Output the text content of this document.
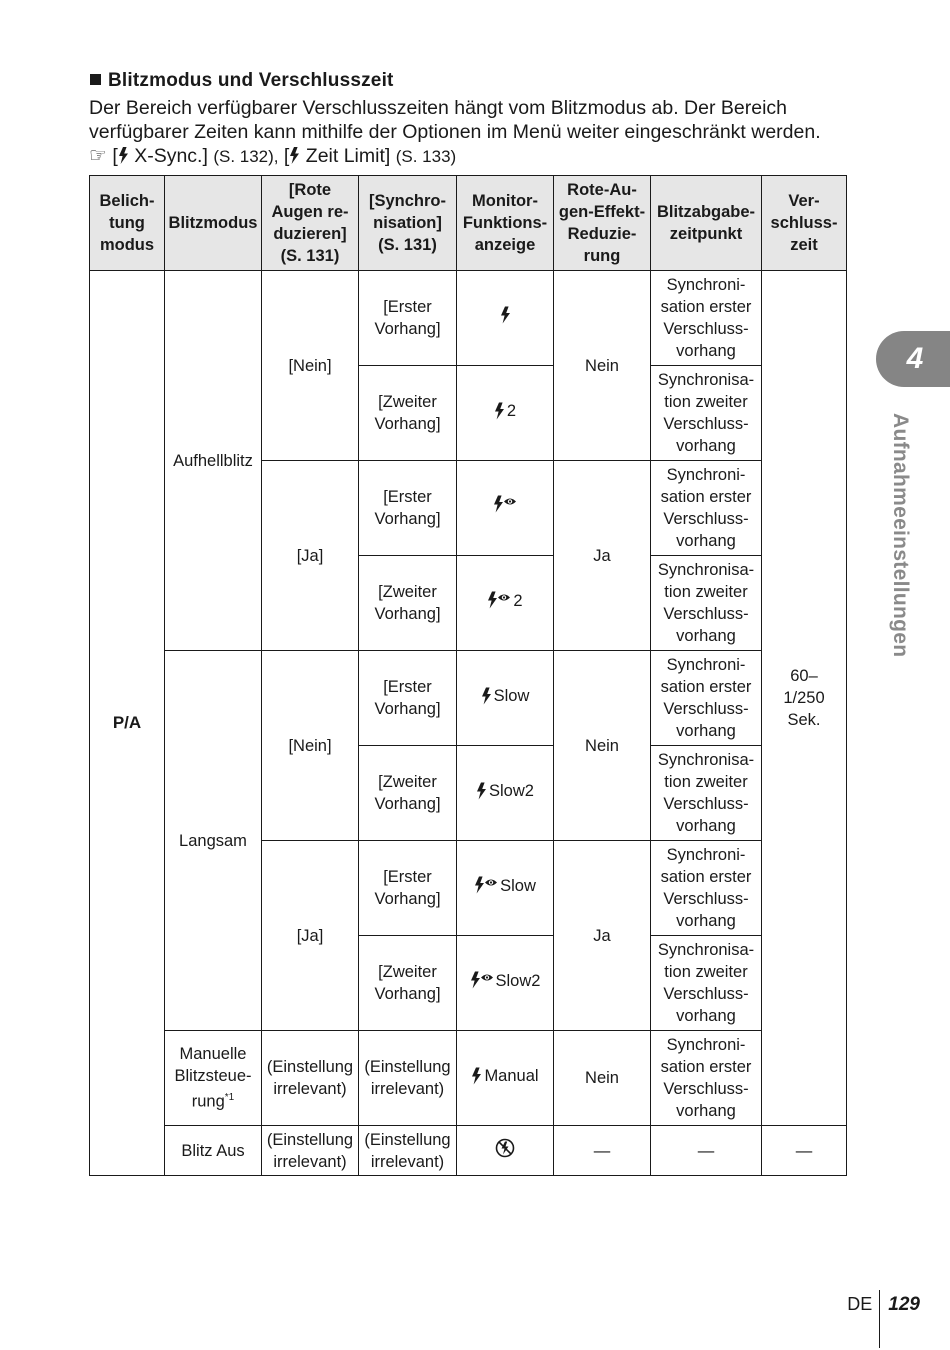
Blitzmodus und Verschlusszeit
Der Bereich verfügbarer Verschlusszeiten hängt vom Blitzmodus ab. Der Bereich verfügbarer Zeiten kann mithilfe der Optionen im Menü weiter eingeschränkt werden.
☞ [ X-Sync.] (S. 132), [ Zeit Limit] (S. 133)
Belich-
tung
modus	Blitzmodus	[Rote
Augen re-
duzieren]
(S. 131)	[Synchro-
nisation]
(S. 131)	Monitor-
Funktions-
anzeige	Rote-Au-
gen-Effekt-
Reduzie-
rung	Blitzabgabe-
zeitpunkt	Ver-
schluss-
zeit
P/A	Aufhellblitz	[Nein]	[Erster
Vorhang]		Nein	Synchroni-
sation erster
Verschluss-
vorhang	60–
1/250
Sek.
			[Zweiter
Vorhang]	2		Synchronisa-
tion zweiter
Verschluss-
vorhang	
		[Ja]	[Erster
Vorhang]		Ja	Synchroni-
sation erster
Verschluss-
vorhang	
			[Zweiter
Vorhang]	2		Synchronisa-
tion zweiter
Verschluss-
vorhang	
	Langsam	[Nein]	[Erster
Vorhang]	Slow	Nein	Synchroni-
sation erster
Verschluss-
vorhang	
			[Zweiter
Vorhang]	Slow2		Synchronisa-
tion zweiter
Verschluss-
vorhang	
		[Ja]	[Erster
Vorhang]	Slow	Ja	Synchroni-
sation erster
Verschluss-
vorhang	
			[Zweiter
Vorhang]	Slow2		Synchronisa-
tion zweiter
Verschluss-
vorhang	
	Manuelle
Blitzsteue-
rung$^{*1}$	(Einstellung
irrelevant)	(Einstellung
irrelevant)	Manual	Nein	Synchroni-
sation erster
Verschluss-
vorhang	
	Blitz Aus	(Einstellung
irrelevant)	(Einstellung
irrelevant)		—	—	—
4
Aufnahmeeinstellungen
DE 129
